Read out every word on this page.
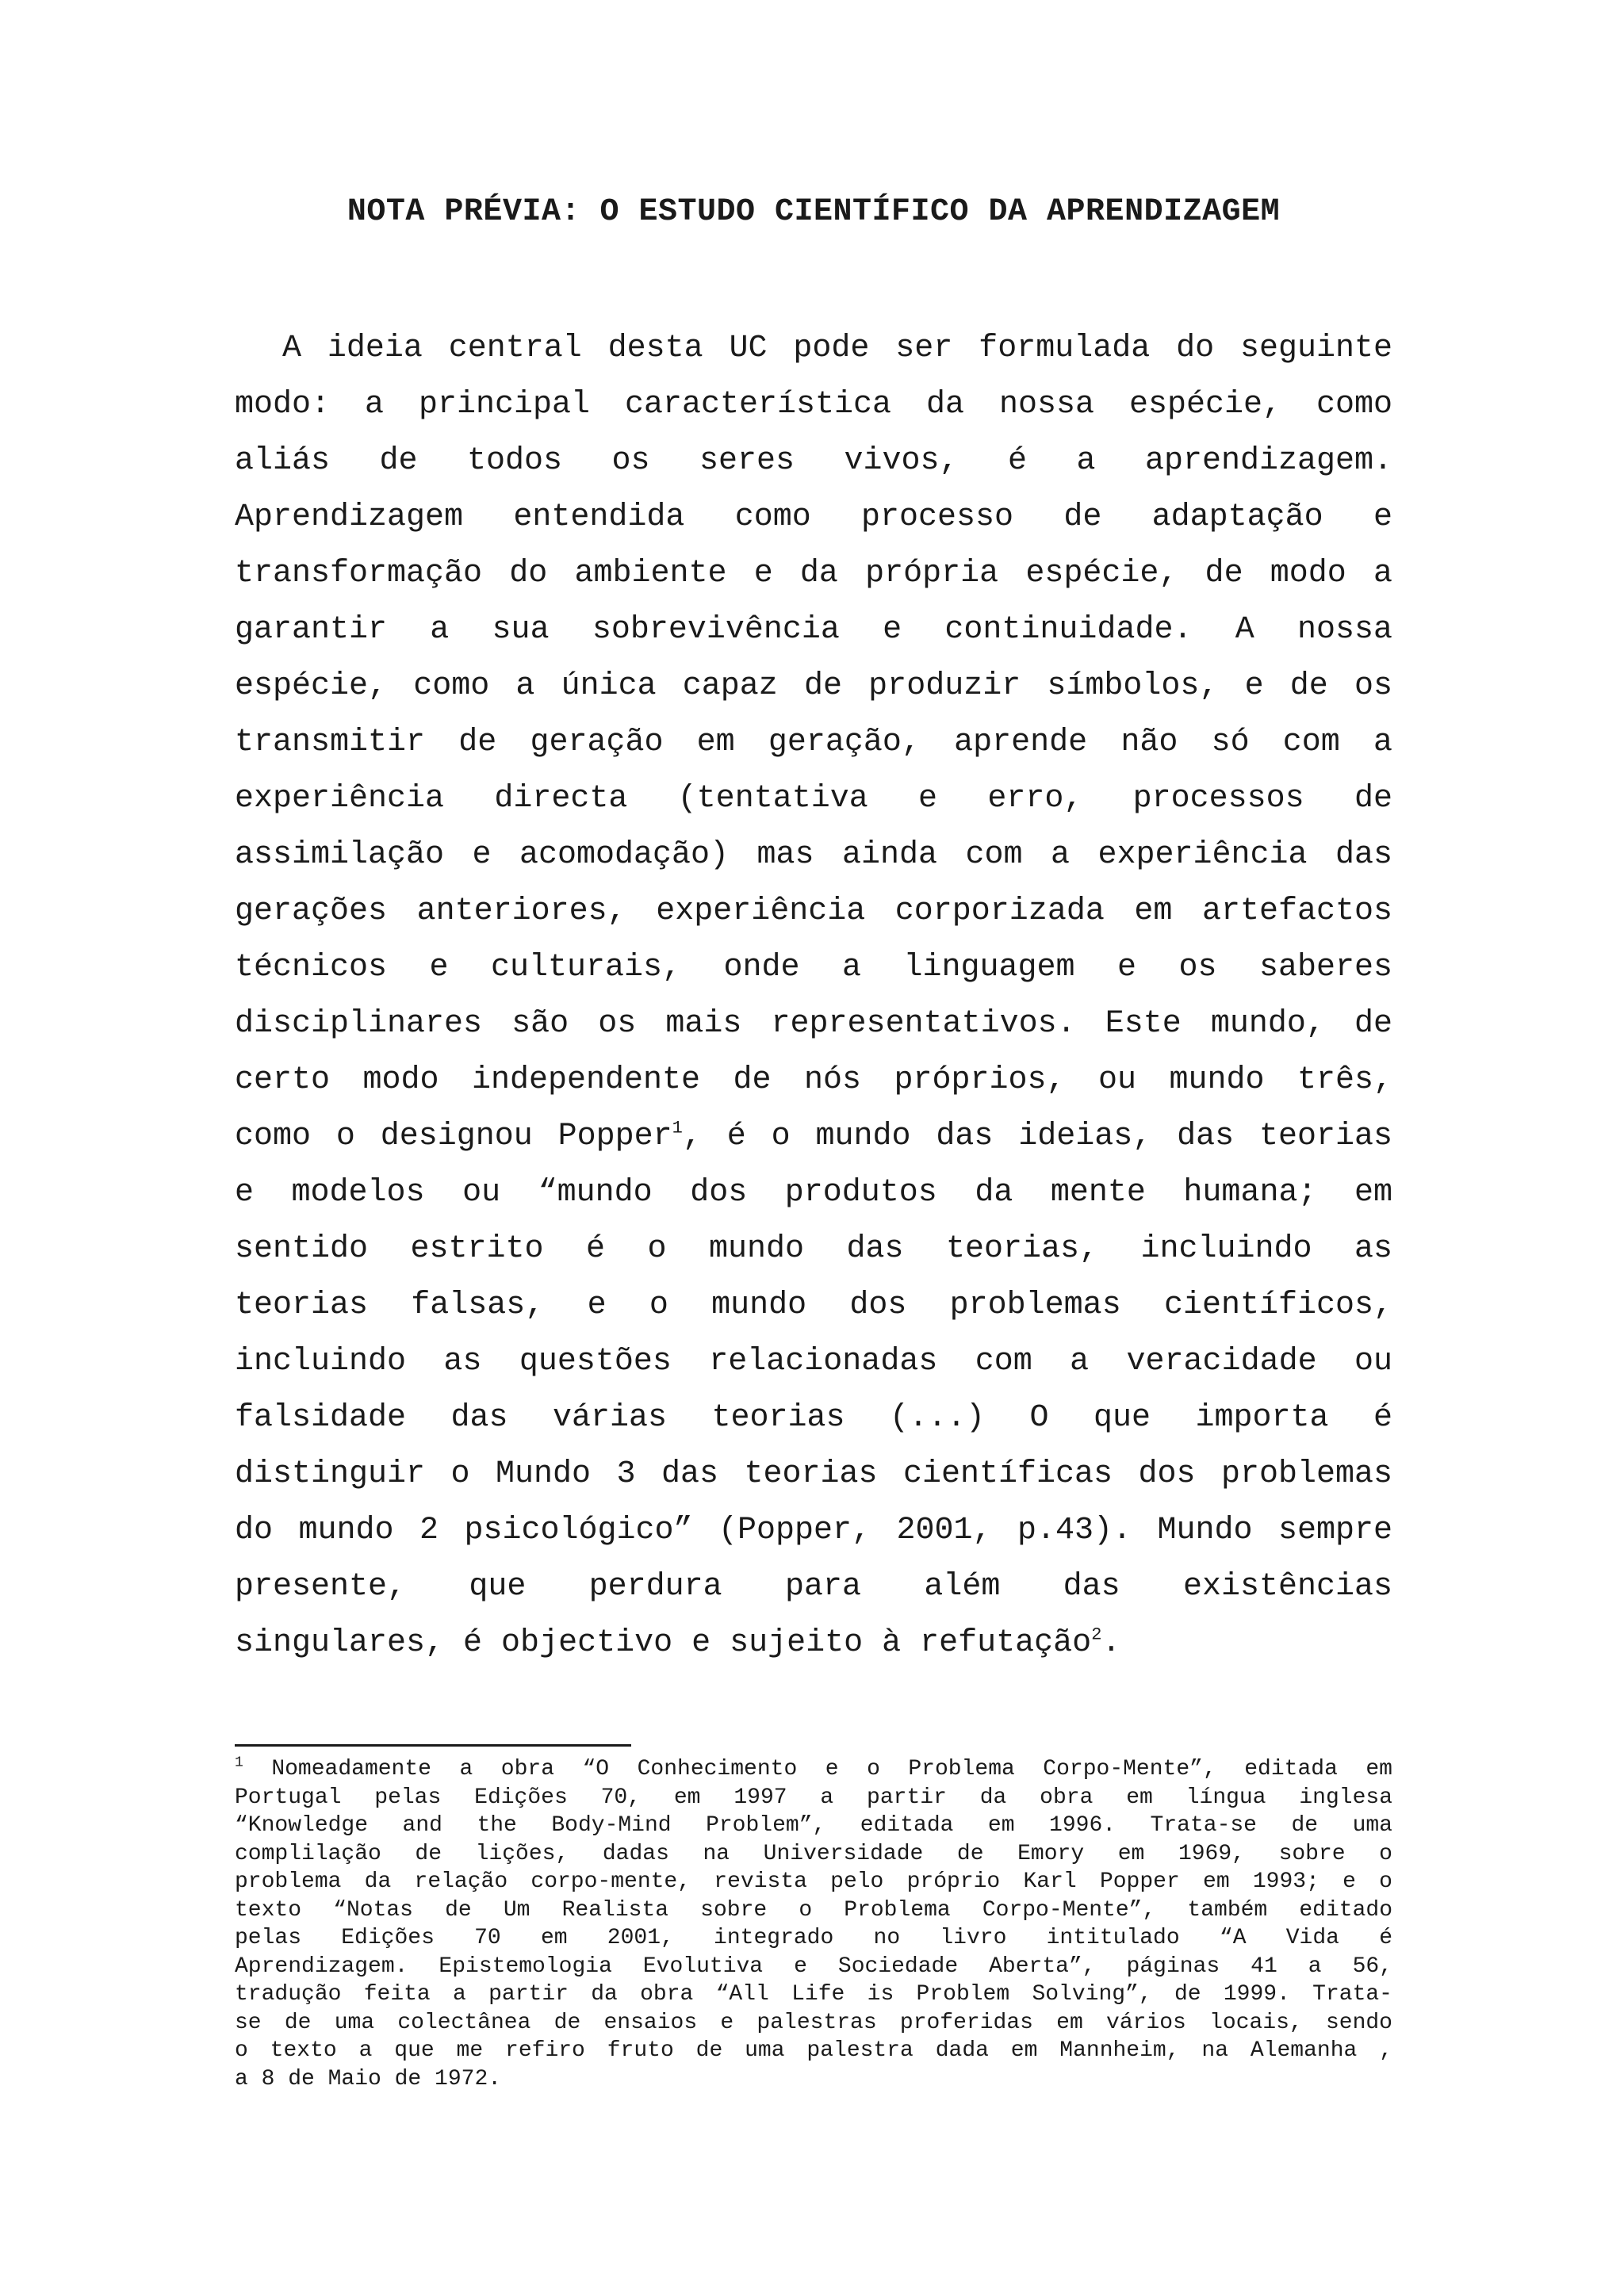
NOTA PRÉVIA: O ESTUDO CIENTÍFICO DA APRENDIZAGEM
A ideia central desta UC pode ser formulada do seguinte
modo: a principal característica da nossa espécie, como
aliás de todos os seres vivos, é a aprendizagem.
Aprendizagem entendida como processo de adaptação e
transformação do ambiente e da própria espécie, de modo a
garantir a sua sobrevivência e continuidade. A nossa
espécie, como a única capaz de produzir símbolos, e de os
transmitir de geração em geração, aprende não só com a
experiência directa (tentativa e erro, processos de
assimilação e acomodação) mas ainda com a experiência das
gerações anteriores, experiência corporizada em artefactos
técnicos e culturais, onde a linguagem e os saberes
disciplinares são os mais representativos. Este mundo, de
certo modo independente de nós próprios, ou mundo três,
como o designou Popper$^1$, é o mundo das ideias, das teorias
e modelos ou “mundo dos produtos da mente humana; em
sentido estrito é o mundo das teorias, incluindo as
teorias falsas, e o mundo dos problemas científicos,
incluindo as questões relacionadas com a veracidade ou
falsidade das várias teorias (...) O que importa é
distinguir o Mundo 3 das teorias científicas dos problemas
do mundo 2 psicológico” (Popper, 2001, p.43). Mundo sempre
presente, que perdura para além das existências
singulares, é objectivo e sujeito à refutação$^2$.
$^1$ Nomeadamente a obra “O Conhecimento e o Problema Corpo-Mente”, editada em
Portugal pelas Edições 70, em 1997 a partir da obra em língua inglesa
“Knowledge and the Body-Mind Problem”, editada em 1996. Trata-se de uma
complilação de lições, dadas na Universidade de Emory em 1969, sobre o
problema da relação corpo-mente, revista pelo próprio Karl Popper em 1993; e o
texto “Notas de Um Realista sobre o Problema Corpo-Mente”, também editado
pelas Edições 70 em 2001, integrado no livro intitulado “A Vida é
Aprendizagem. Epistemologia Evolutiva e Sociedade Aberta”, páginas 41 a 56,
tradução feita a partir da obra “All Life is Problem Solving”, de 1999. Trata-
se de uma colectânea de ensaios e palestras proferidas em vários locais, sendo
o texto a que me refiro fruto de uma palestra dada em Mannheim, na Alemanha ,
a 8 de Maio de 1972.
